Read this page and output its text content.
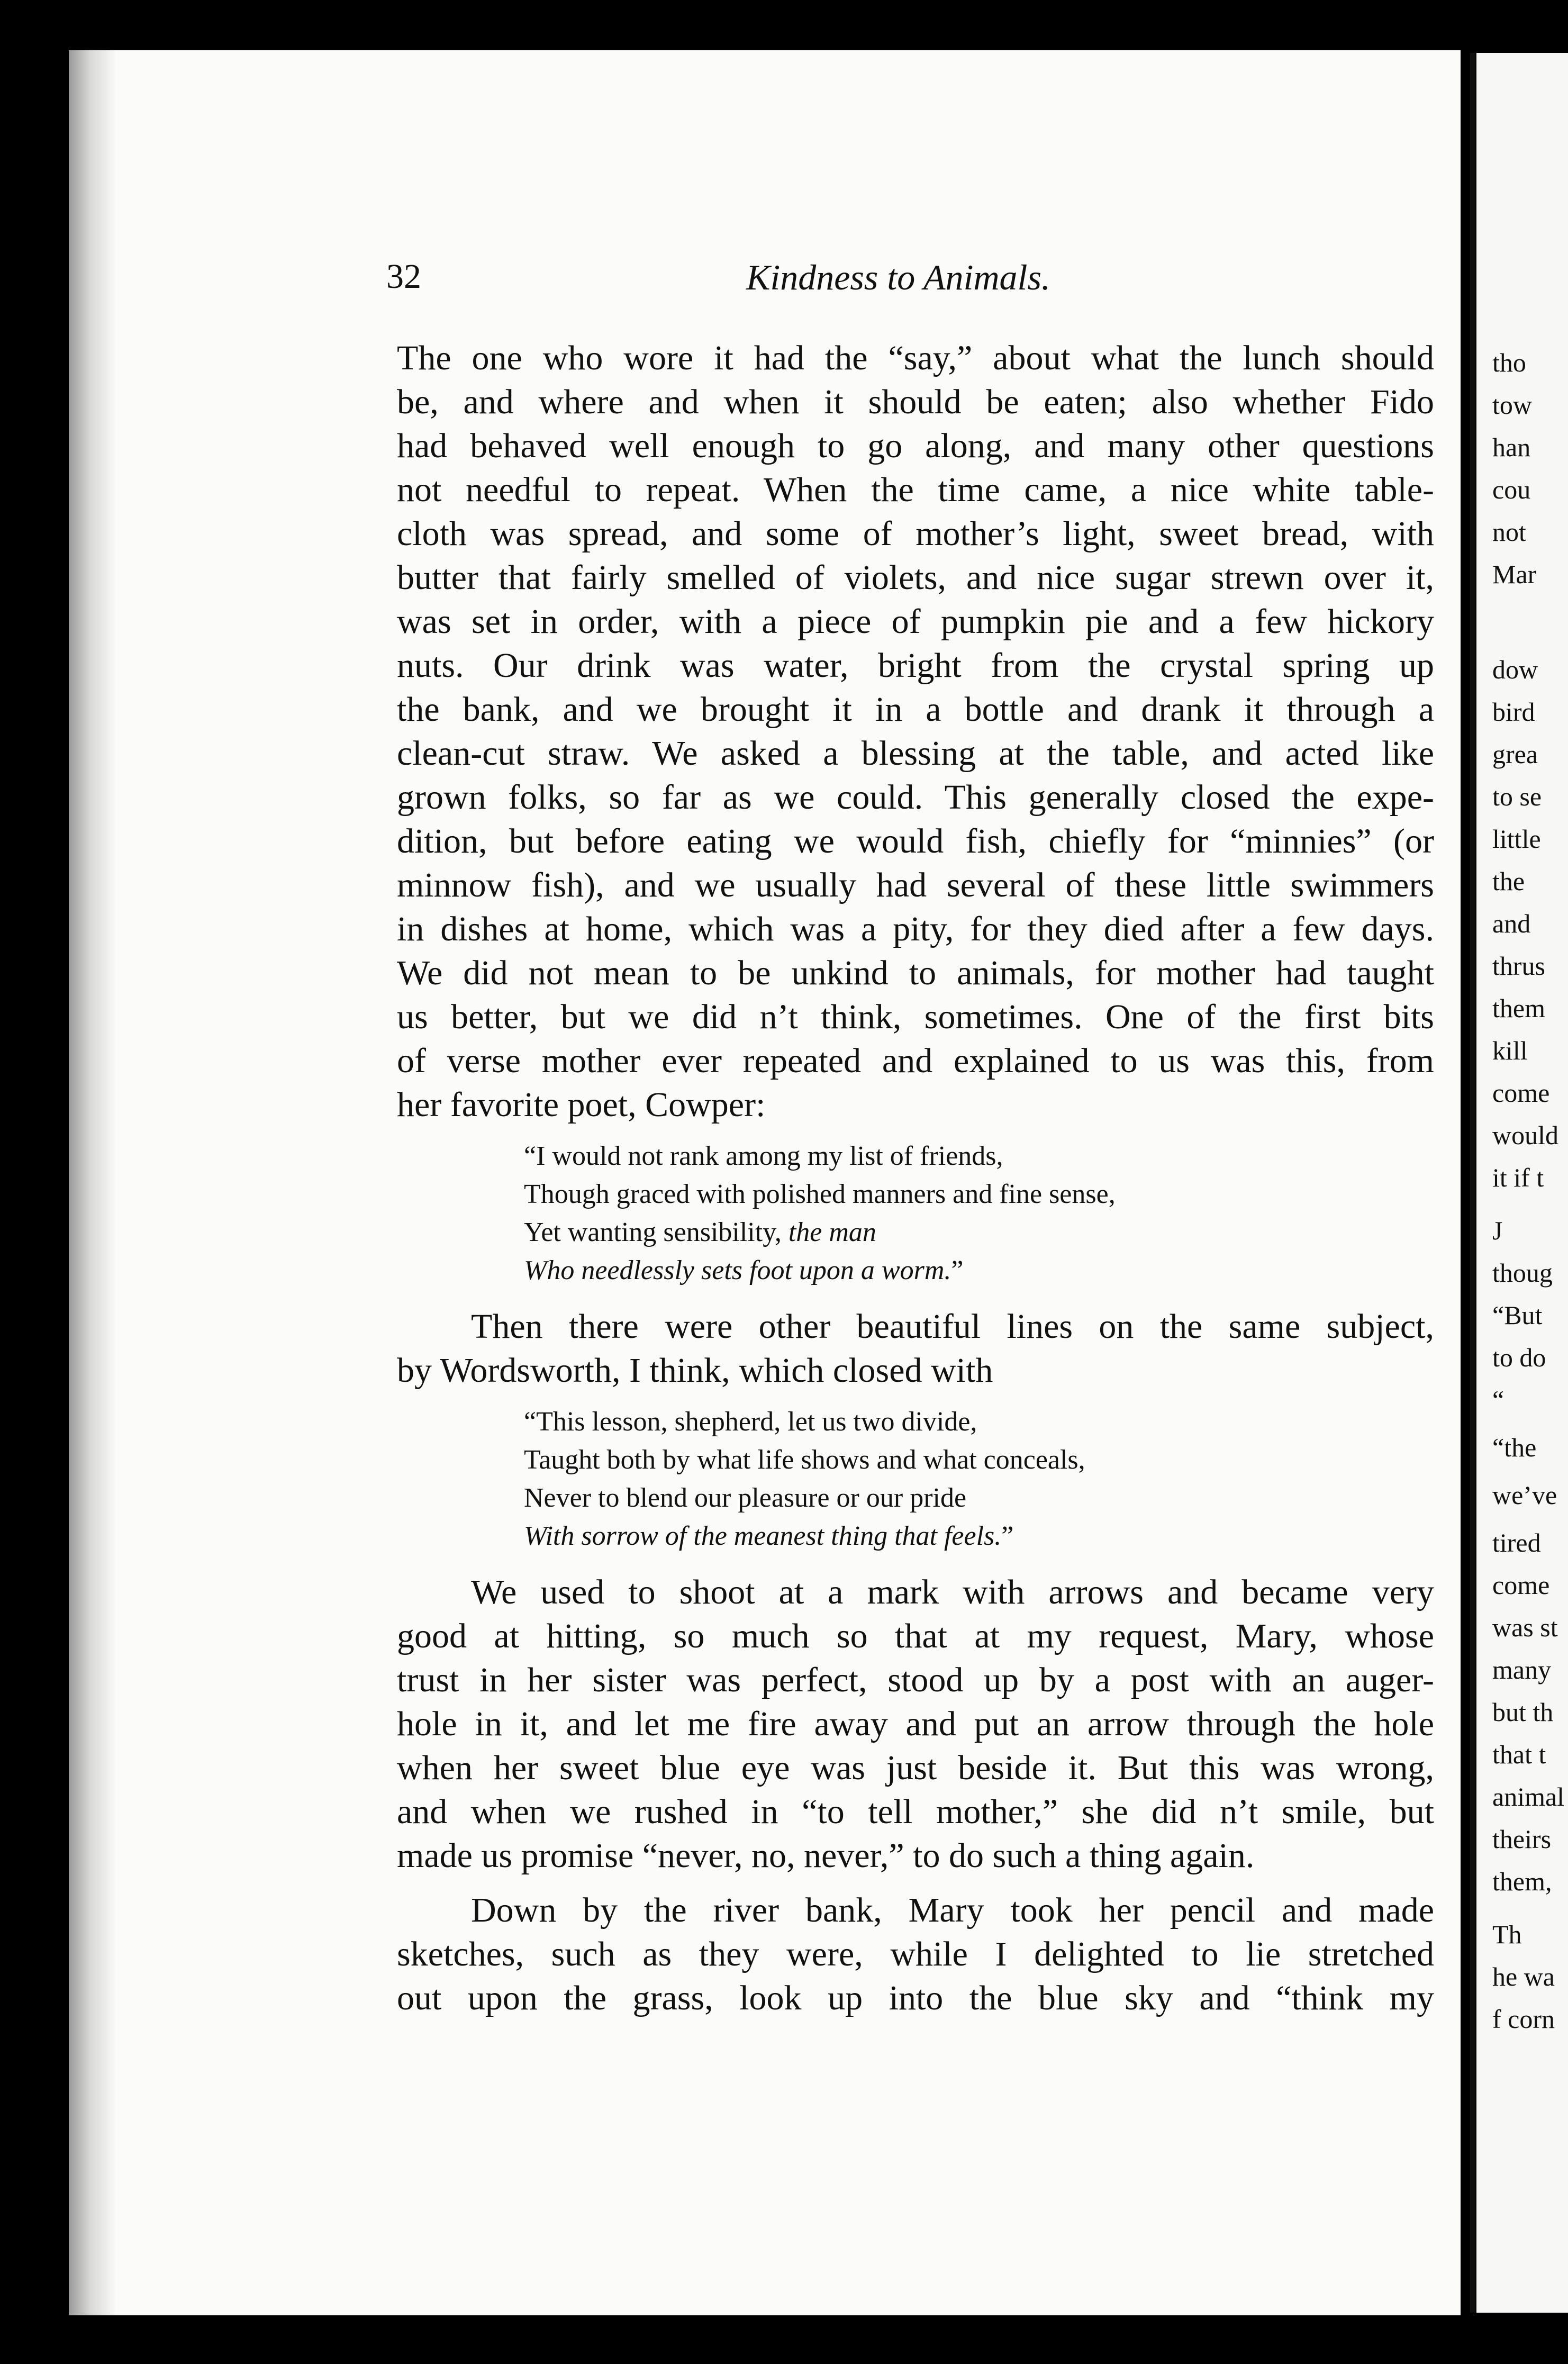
32	Kindness to Animals.
The one who wore it had the “say,” about what the lunch should
be, and where and when it should be eaten; also whether Fido
had behaved well enough to go along, and many other questions
not needful to repeat. When the time came, a nice white table-
cloth was spread, and some of mother’s light, sweet bread, with
butter that fairly smelled of violets, and nice sugar strewn over it,
was set in order, with a piece of pumpkin pie and a few hickory
nuts. Our drink was water, bright from the crystal spring up
the bank, and we brought it in a bottle and drank it through a
clean-cut straw. We asked a blessing at the table, and acted like
grown folks, so far as we could. This generally closed the expe-
dition, but before eating we would fish, chiefly for “minnies” (or
minnow fish), and we usually had several of these little swimmers
in dishes at home, which was a pity, for they died after a few days.
We did not mean to be unkind to animals, for mother had taught
us better, but we did n’t think, sometimes. One of the first bits
of verse mother ever repeated and explained to us was this, from
her favorite poet, Cowper:
“I would not rank among my list of friends,
Though graced with polished manners and fine sense,
Yet wanting sensibility, the man
Who needlessly sets foot upon a worm.”
Then there were other beautiful lines on the same subject,
by Wordsworth, I think, which closed with
“This lesson, shepherd, let us two divide,
Taught both by what life shows and what conceals,
Never to blend our pleasure or our pride
With sorrow of the meanest thing that feels.”
We used to shoot at a mark with arrows and became very
good at hitting, so much so that at my request, Mary, whose
trust in her sister was perfect, stood up by a post with an auger-
hole in it, and let me fire away and put an arrow through the hole
when her sweet blue eye was just beside it. But this was wrong,
and when we rushed in “to tell mother,” she did n’t smile, but
made us promise “never, no, never,” to do such a thing again.
Down by the river bank, Mary took her pencil and made
sketches, such as they were, while I delighted to lie stretched
out upon the grass, look up into the blue sky and “think my
tho
tow
han
cou
not
Mar
dow
bird
grea
to se
little
the
and
thrus
them
kill
come
would
it if t
J
thoug
“But
to do
“
“the
we’ve
tired
come
was st
many
but th
that t
animal
theirs
them,
Th
he wa
f corn
